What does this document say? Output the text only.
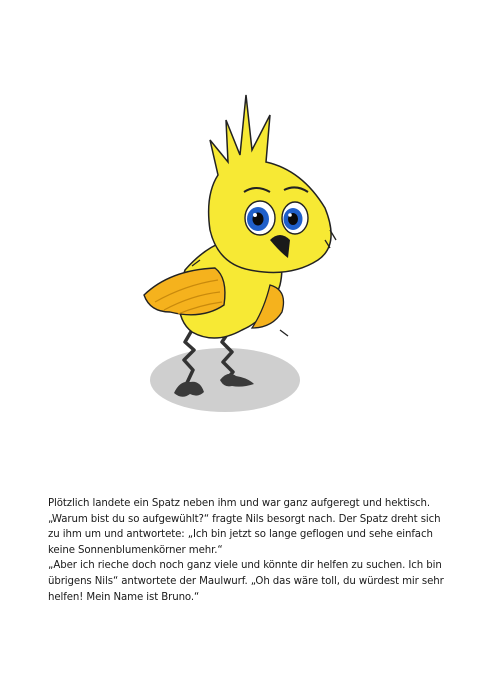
Plötzlich landete ein Spatz neben ihm und war ganz aufgeregt und hektisch.

„Warum bist du so aufgewühlt?“ fragte Nils besorgt nach. Der Spatz dreht sich

zu ihm um und antwortete: „Ich bin jetzt so lange geflogen und sehe einfach

keine Sonnenblumenkörner mehr.“

„Aber ich rieche doch noch ganz viele und könnte dir helfen zu suchen. Ich bin

übrigens Nils“ antwortete der Maulwurf. „Oh das wäre toll, du würdest mir sehr

helfen! Mein Name ist Bruno.“
